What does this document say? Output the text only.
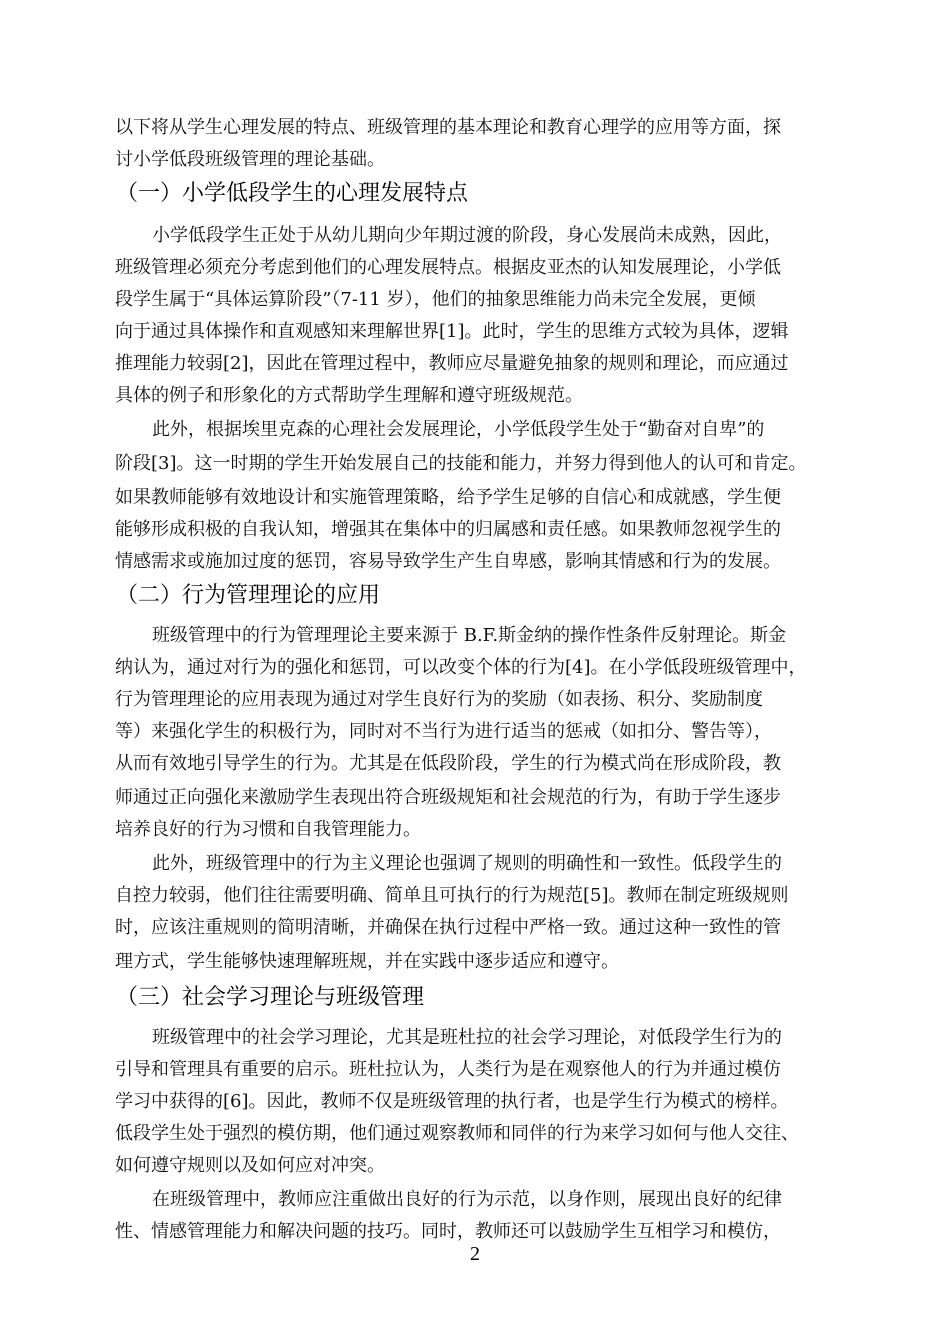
以下将从学生心理发展的特点、班级管理的基本理论和教育心理学的应用等方面，探
讨小学低段班级管理的理论基础。
（一）小学低段学生的心理发展特点
小学低段学生正处于从幼儿期向少年期过渡的阶段，身心发展尚未成熟，因此，
班级管理必须充分考虑到他们的心理发展特点。根据皮亚杰的认知发展理论，小学低
段学生属于“具体运算阶段”（7-11 岁），他们的抽象思维能力尚未完全发展，更倾
向于通过具体操作和直观感知来理解世界[1]。此时，学生的思维方式较为具体，逻辑
推理能力较弱[2]，因此在管理过程中，教师应尽量避免抽象的规则和理论，而应通过
具体的例子和形象化的方式帮助学生理解和遵守班级规范。
此外，根据埃里克森的心理社会发展理论，小学低段学生处于“勤奋对自卑”的
阶段[3]。这一时期的学生开始发展自己的技能和能力，并努力得到他人的认可和肯定。
如果教师能够有效地设计和实施管理策略，给予学生足够的自信心和成就感，学生便
能够形成积极的自我认知，增强其在集体中的归属感和责任感。如果教师忽视学生的
情感需求或施加过度的惩罚，容易导致学生产生自卑感，影响其情感和行为的发展。
（二）行为管理理论的应用
班级管理中的行为管理理论主要来源于 B.F.斯金纳的操作性条件反射理论。斯金
纳认为，通过对行为的强化和惩罚，可以改变个体的行为[4]。在小学低段班级管理中，
行为管理理论的应用表现为通过对学生良好行为的奖励（如表扬、积分、奖励制度
等）来强化学生的积极行为，同时对不当行为进行适当的惩戒（如扣分、警告等），
从而有效地引导学生的行为。尤其是在低段阶段，学生的行为模式尚在形成阶段，教
师通过正向强化来激励学生表现出符合班级规矩和社会规范的行为，有助于学生逐步
培养良好的行为习惯和自我管理能力。
此外，班级管理中的行为主义理论也强调了规则的明确性和一致性。低段学生的
自控力较弱，他们往往需要明确、简单且可执行的行为规范[5]。教师在制定班级规则
时，应该注重规则的简明清晰，并确保在执行过程中严格一致。通过这种一致性的管
理方式，学生能够快速理解班规，并在实践中逐步适应和遵守。
（三）社会学习理论与班级管理
班级管理中的社会学习理论，尤其是班杜拉的社会学习理论，对低段学生行为的
引导和管理具有重要的启示。班杜拉认为，人类行为是在观察他人的行为并通过模仿
学习中获得的[6]。因此，教师不仅是班级管理的执行者，也是学生行为模式的榜样。
低段学生处于强烈的模仿期，他们通过观察教师和同伴的行为来学习如何与他人交往、
如何遵守规则以及如何应对冲突。
在班级管理中，教师应注重做出良好的行为示范，以身作则，展现出良好的纪律
性、情感管理能力和解决问题的技巧。同时，教师还可以鼓励学生互相学习和模仿，
2
